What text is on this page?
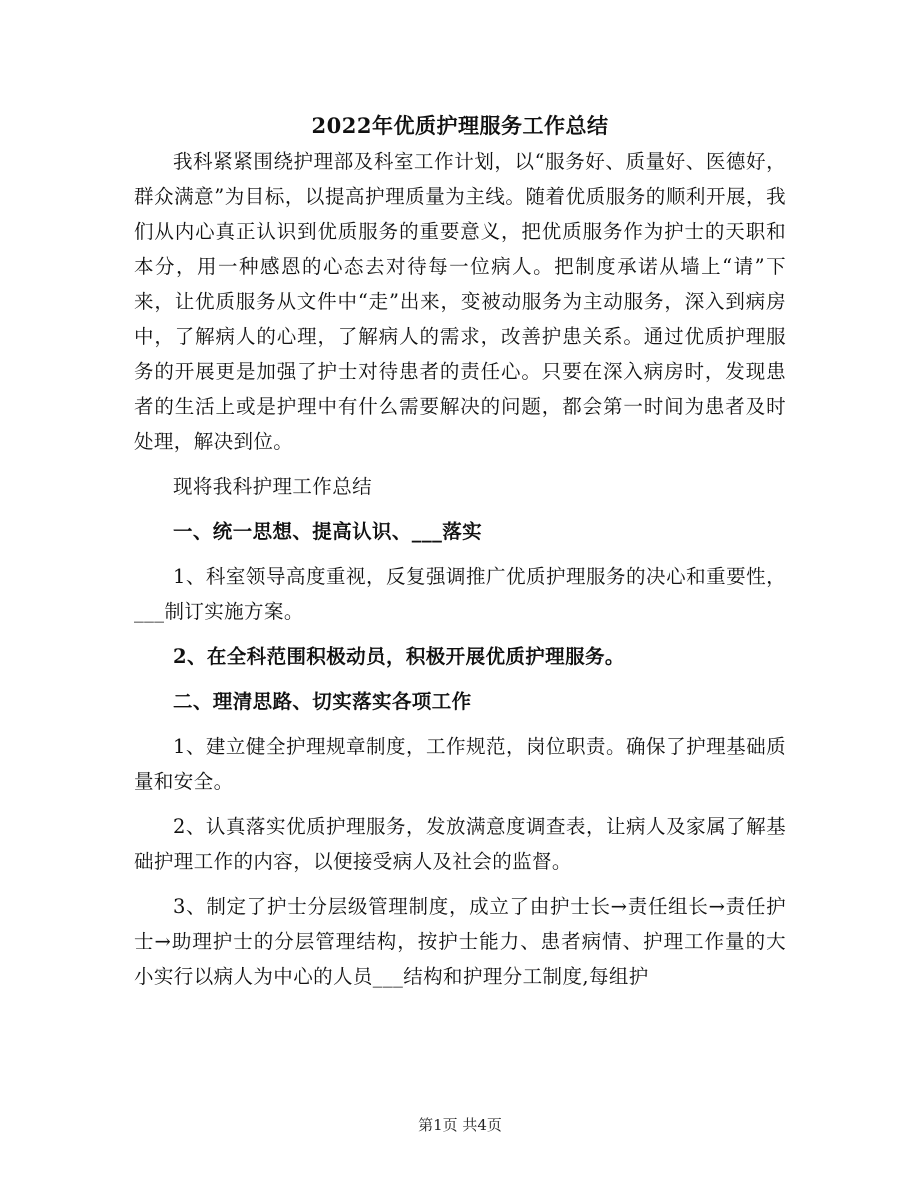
2022年优质护理服务工作总结

我科紧紧围绕护理部及科室工作计划，以“服务好、质量好、医德好，群众满意”为目标，以提高护理质量为主线。随着优质服务的顺利开展，我们从内心真正认识到优质服务的重要意义，把优质服务作为护士的天职和本分，用一种感恩的心态去对待每一位病人。把制度承诺从墙上“请”下来，让优质服务从文件中“走”出来，变被动服务为主动服务，深入到病房中，了解病人的心理，了解病人的需求，改善护患关系。通过优质护理服务的开展更是加强了护士对待患者的责任心。只要在深入病房时，发现患者的生活上或是护理中有什么需要解决的问题，都会第一时间为患者及时处理，解决到位。

现将我科护理工作总结

一、统一思想、提高认识、___落实

1、科室领导高度重视，反复强调推广优质护理服务的决心和重要性，___制订实施方案。

2、在全科范围积极动员，积极开展优质护理服务。

二、理清思路、切实落实各项工作

1、建立健全护理规章制度，工作规范，岗位职责。确保了护理基础质量和安全。

2、认真落实优质护理服务，发放满意度调查表，让病人及家属了解基础护理工作的内容，以便接受病人及社会的监督。

3、制定了护士分层级管理制度，成立了由护士长→责任组长→责任护士→助理护士的分层管理结构，按护士能力、患者病情、护理工作量的大小实行以病人为中心的人员___结构和护理分工制度,每组护

第1页 共4页
